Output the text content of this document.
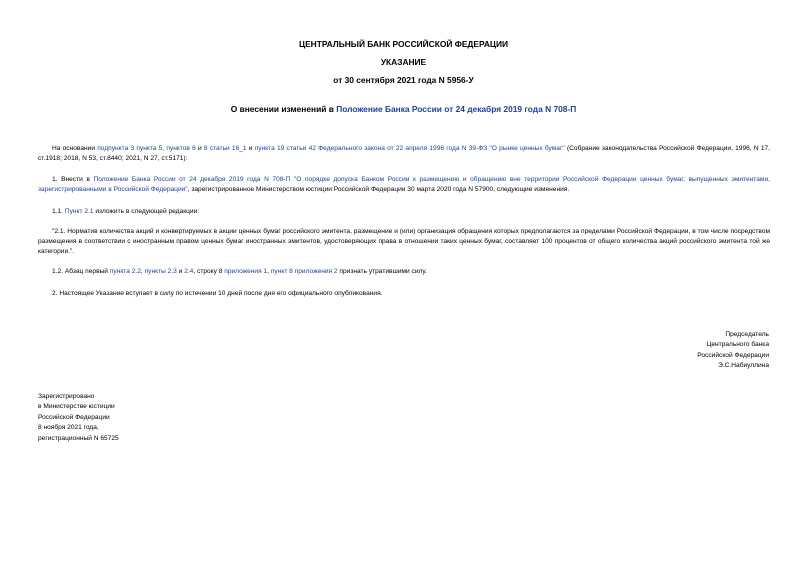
ЦЕНТРАЛЬНЫЙ БАНК РОССИЙСКОЙ ФЕДЕРАЦИИ
УКАЗАНИЕ
от 30 сентября 2021 года N 5956-У
О внесении изменений в Положение Банка России от 24 декабря 2019 года N 708-П
На основании подпункта 3 пункта 5, пунктов 6 и 8 статьи 16_1 и пункта 19 статьи 42 Федерального закона от 22 апреля 1996 года N 39-ФЗ "О рынке ценных бумаг" (Собрание законодательства Российской Федерации, 1996, N 17, ст.1918; 2018, N 53, ст.8440; 2021, N 27, ст.5171):
1. Внести в Положение Банка России от 24 декабря 2019 года N 708-П "О порядке допуска Банком России к размещению и обращению вне территории Российской Федерации ценных бумаг, выпущенных эмитентами, зарегистрированными в Российской Федерации", зарегистрированное Министерством юстиции Российской Федерации 30 марта 2020 года N 57900, следующие изменения.
1.1. Пункт 2.1 изложить в следующей редакции:
"2.1. Норматив количества акций и конвертируемых в акции ценных бумаг российского эмитента, размещение и (или) организация обращения которых предполагаются за пределами Российской Федерации, в том числе посредством размещения в соответствии с иностранным правом ценных бумаг иностранных эмитентов, удостоверяющих права в отношении таких ценных бумаг, составляет 100 процентов от общего количества акций российского эмитента той же категории.".
1.2. Абзац первый пункта 2.2, пункты 2.3 и 2.4, строку 8 приложения 1, пункт 8 приложения 2 признать утратившими силу.
2. Настоящее Указание вступает в силу по истечении 10 дней после дня его официального опубликования.
Председатель
Центрального банка
Российской Федерации
Э.С.Набиуллина
Зарегистрировано
в Министерстве юстиции
Российской Федерации
8 ноября 2021 года,
регистрационный N 65725
